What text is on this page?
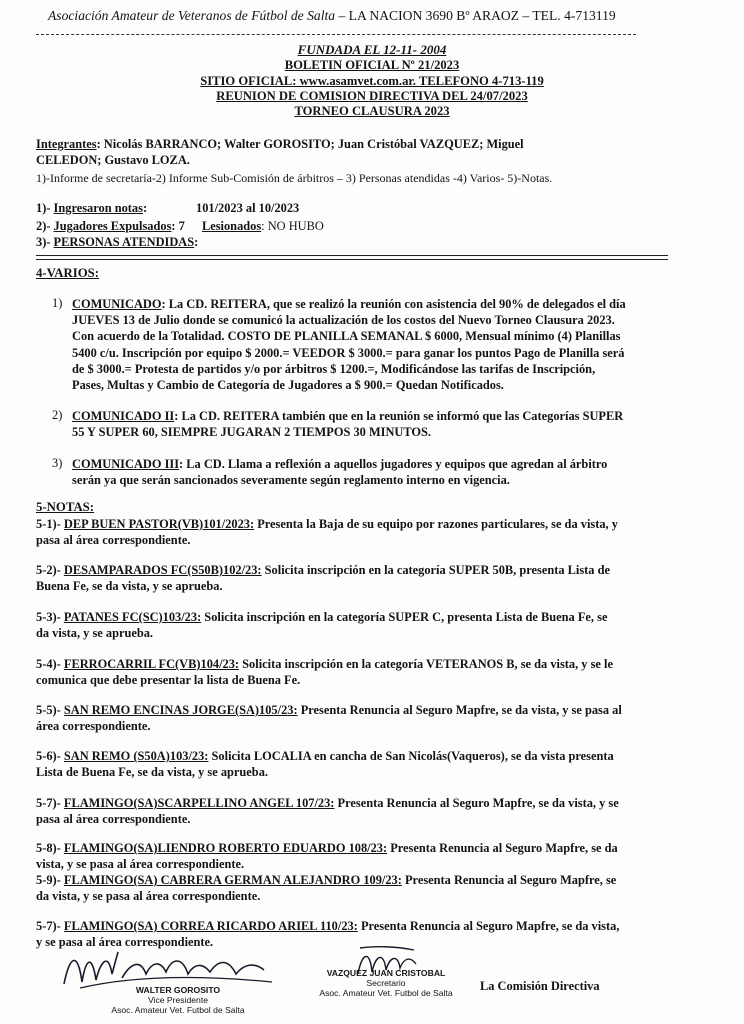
Asociación Amateur de Veteranos de Fútbol de Salta – LA NACION 3690 Bº ARAOZ – TEL. 4-713119
FUNDADA EL 12-11- 2004
BOLETIN OFICIAL Nº 21/2023
SITIO OFICIAL: www.asamvet.com.ar. TELEFONO 4-713-119
REUNION DE COMISION DIRECTIVA DEL 24/07/2023
TORNEO CLAUSURA 2023
Integrantes: Nicolás BARRANCO; Walter GOROSITO; Juan Cristóbal VAZQUEZ; Miguel
CELEDON; Gustavo LOZA.
1)-Informe de secretaría-2) Informe Sub-Comisión de árbitros – 3) Personas atendidas -4) Varios- 5)-Notas.
1)- Ingresaron notas:	101/2023 al 10/2023
2)- Jugadores Expulsados: 7 Lesionados: NO HUBO
3)- PERSONAS ATENDIDAS:
4-VARIOS:
1) COMUNICADO: La CD. REITERA, que se realizó la reunión con asistencia del 90% de delegados el día
JUEVES 13 de Julio donde se comunicó la actualización de los costos del Nuevo Torneo Clausura 2023.
Con acuerdo de la Totalidad. COSTO DE PLANILLA SEMANAL $ 6000, Mensual mínimo (4) Planillas
5400 c/u. Inscripción por equipo $ 2000.= VEEDOR $ 3000.= para ganar los puntos Pago de Planilla será
de $ 3000.= Protesta de partidos y/o por árbitros $ 1200.=, Modificándose las tarifas de Inscripción,
Pases, Multas y Cambio de Categoría de Jugadores a $ 900.= Quedan Notificados.
2) COMUNICADO II: La CD. REITERA también que en la reunión se informó que las Categorías SUPER
55 Y SUPER 60, SIEMPRE JUGARAN 2 TIEMPOS 30 MINUTOS.
3) COMUNICADO III: La CD. Llama a reflexión a aquellos jugadores y equipos que agredan al árbitro
serán ya que serán sancionados severamente según reglamento interno en vigencia.
5-NOTAS:
5-1)- DEP BUEN PASTOR(VB)101/2023: Presenta la Baja de su equipo por razones particulares, se da vista, y
pasa al área correspondiente.
5-2)- DESAMPARADOS FC(S50B)102/23: Solicita inscripción en la categoría SUPER 50B, presenta Lista de
Buena Fe, se da vista, y se aprueba.
5-3)- PATANES FC(SC)103/23: Solicita inscripción en la categoría SUPER C, presenta Lista de Buena Fe, se
da vista, y se aprueba.
5-4)- FERROCARRIL FC(VB)104/23: Solicita inscripción en la categoría VETERANOS B, se da vista, y se le
comunica que debe presentar la lista de Buena Fe.
5-5)- SAN REMO ENCINAS JORGE(SA)105/23: Presenta Renuncia al Seguro Mapfre, se da vista, y se pasa al
área correspondiente.
5-6)- SAN REMO (S50A)103/23: Solicita LOCALIA en cancha de San Nicolás(Vaqueros), se da vista presenta
Lista de Buena Fe, se da vista, y se aprueba.
5-7)- FLAMINGO(SA)SCARPELLINO ANGEL 107/23: Presenta Renuncia al Seguro Mapfre, se da vista, y se
pasa al área correspondiente.
5-8)- FLAMINGO(SA)LIENDRO ROBERTO EDUARDO 108/23: Presenta Renuncia al Seguro Mapfre, se da
vista, y se pasa al área correspondiente.
5-9)- FLAMINGO(SA) CABRERA GERMAN ALEJANDRO 109/23: Presenta Renuncia al Seguro Mapfre, se
da vista, y se pasa al área correspondiente.
5-7)- FLAMINGO(SA) CORREA RICARDO ARIEL 110/23: Presenta Renuncia al Seguro Mapfre, se da vista,
y se pasa al área correspondiente.
WALTER GOROSITO
Vice Presidente
Asoc. Amateur Vet. Futbol de Salta
VAZQUEZ JUAN CRISTOBAL
Secretario
Asoc. Amateur Vet. Futbol de Salta	La Comisión Directiva
